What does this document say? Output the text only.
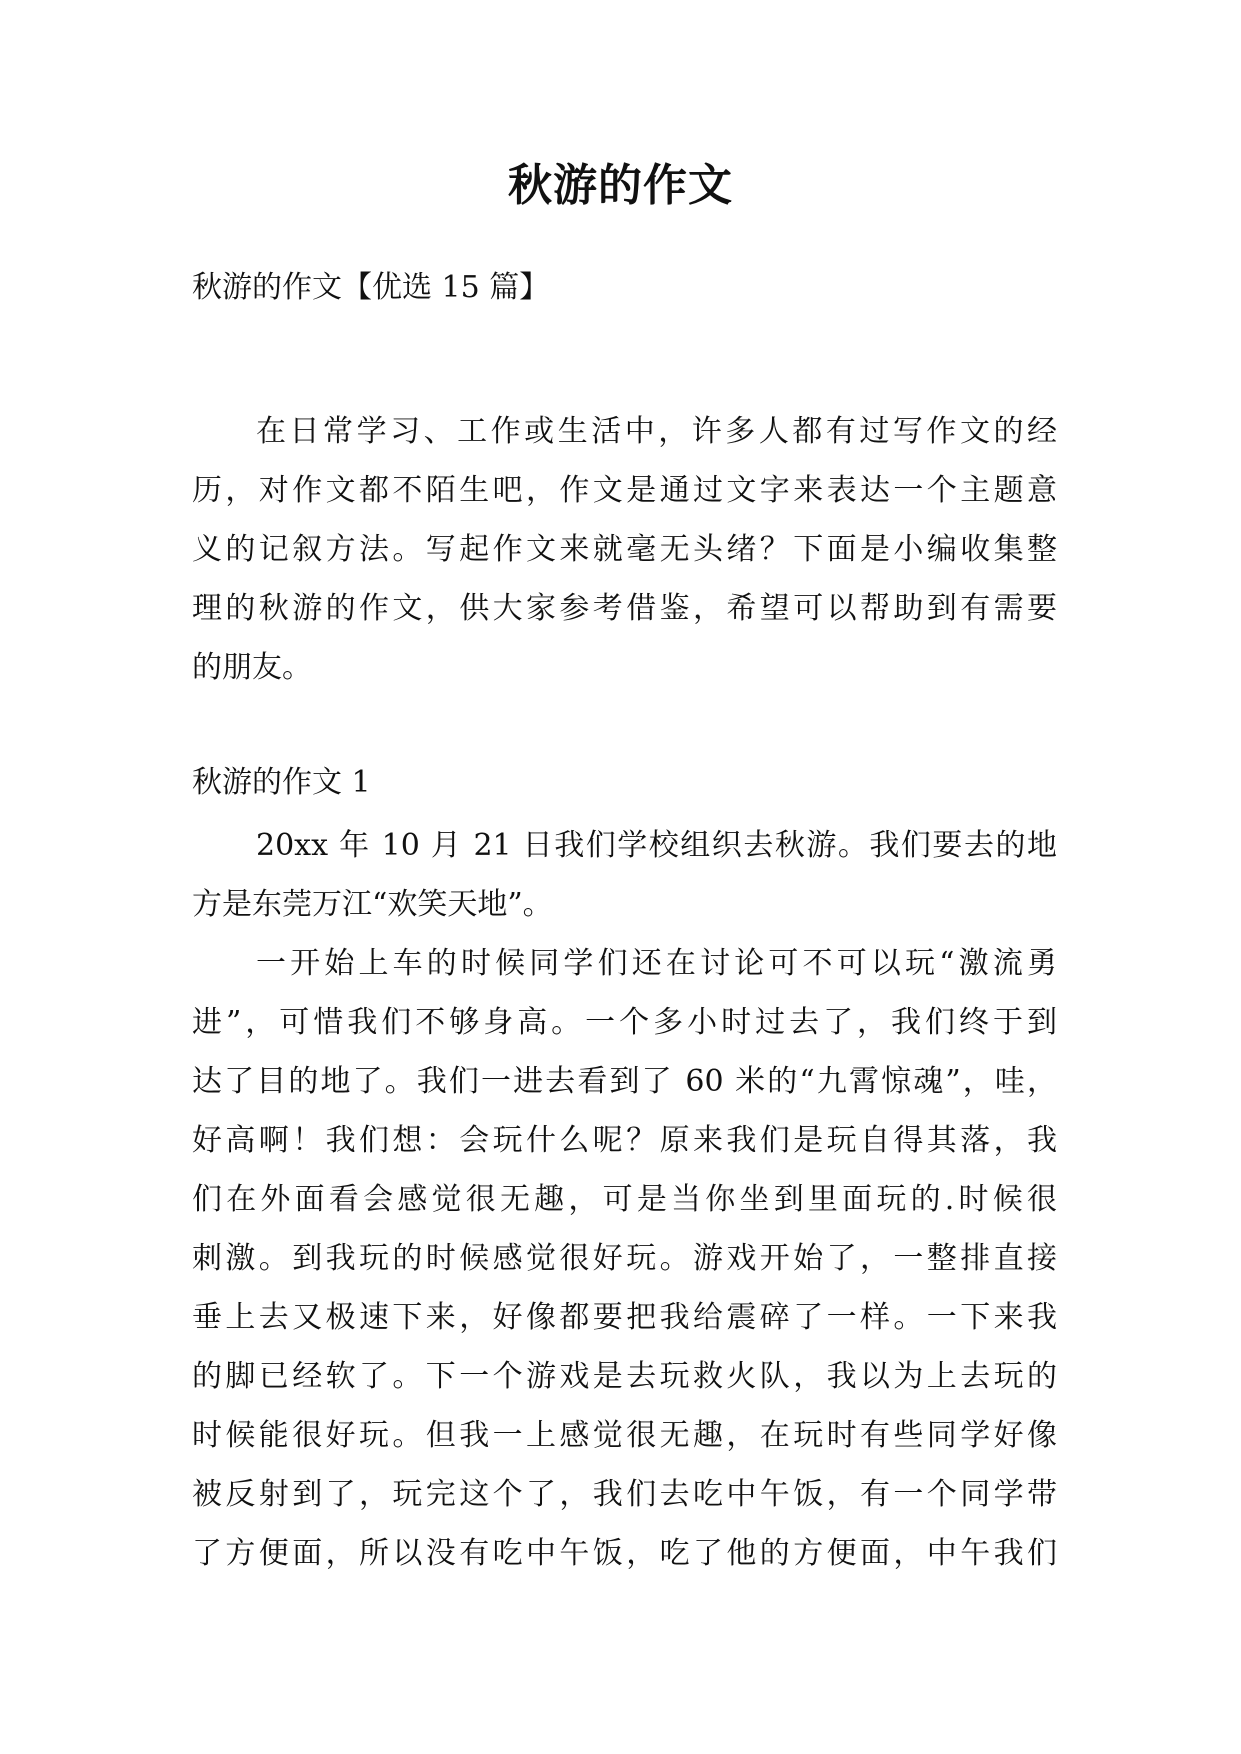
秋游的作文

秋游的作文【优选 15 篇】

在日常学习、工作或生活中，许多人都有过写作文的经
历，对作文都不陌生吧，作文是通过文字来表达一个主题意
义的记叙方法。写起作文来就毫无头绪？下面是小编收集整
理的秋游的作文，供大家参考借鉴，希望可以帮助到有需要
的朋友。

秋游的作文 1

20xx 年 10 月 21 日我们学校组织去秋游。我们要去的地
方是东莞万江“欢笑天地”。
一开始上车的时候同学们还在讨论可不可以玩“激流勇
进”，可惜我们不够身高。一个多小时过去了，我们终于到
达了目的地了。我们一进去看到了 60 米的“九霄惊魂”，哇，
好高啊！我们想：会玩什么呢？原来我们是玩自得其落，我
们在外面看会感觉很无趣，可是当你坐到里面玩的.时候很
刺激。到我玩的时候感觉很好玩。游戏开始了，一整排直接
垂上去又极速下来，好像都要把我给震碎了一样。一下来我
的脚已经软了。下一个游戏是去玩救火队，我以为上去玩的
时候能很好玩。但我一上感觉很无趣，在玩时有些同学好像
被反射到了，玩完这个了，我们去吃中午饭，有一个同学带
了方便面，所以没有吃中午饭，吃了他的方便面，中午我们
